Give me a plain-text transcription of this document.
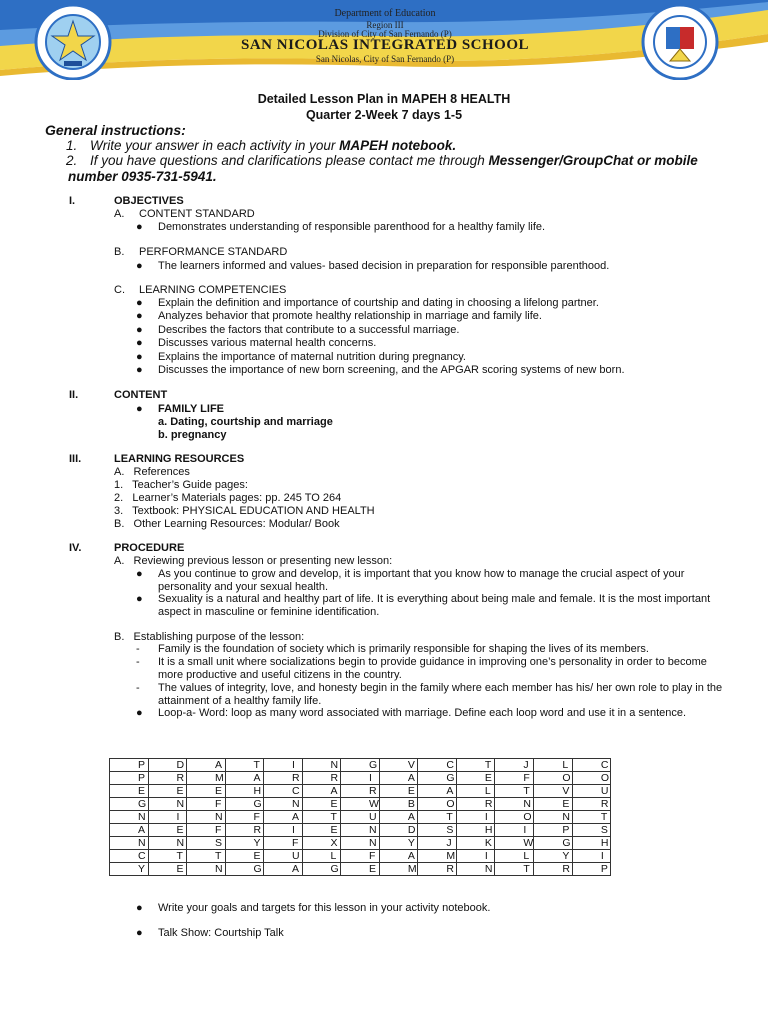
Department of Education
Region III
Division of City of San Fernando (P)
SAN NICOLAS INTEGRATED SCHOOL
San Nicolas, City of San Fernando (P)
Detailed Lesson Plan in MAPEH 8 HEALTH
Quarter 2-Week 7 days 1-5
General instructions:
1. Write your answer in each activity in your MAPEH notebook.
2. If you have questions and clarifications please contact me through Messenger/GroupChat or mobile number 0935-731-5941.
I.	OBJECTIVES
A. CONTENT STANDARD
● Demonstrates understanding of responsible parenthood for a healthy family life.
B. PERFORMANCE STANDARD
● The learners informed and values- based decision in preparation for responsible parenthood.
C. LEARNING COMPETENCIES
● Explain the definition and importance of courtship and dating in choosing a lifelong partner.
● Analyzes behavior that promote healthy relationship in marriage and family life.
● Describes the factors that contribute to a successful marriage.
● Discusses various maternal health concerns.
● Explains the importance of maternal nutrition during pregnancy.
● Discusses the importance of new born screening, and the APGAR scoring systems of new born.
II.	CONTENT
● FAMILY LIFE
a. Dating, courtship and marriage
b. pregnancy
III.	LEARNING RESOURCES
A.   References
1.   Teacher’s Guide pages:
2.   Learner’s Materials pages: pp. 245 TO 264
3.   Textbook: PHYSICAL EDUCATION AND HEALTH
B.   Other Learning Resources: Modular/ Book
IV.	PROCEDURE
A.   Reviewing previous lesson or presenting new lesson:
● As you continue to grow and develop, it is important that you know how to manage the crucial aspect of your personality and your sexual health.
● Sexuality is a natural and healthy part of life. It is everything about being male and female. It is the most important aspect in masculine or feminine identification.
B.   Establishing purpose of the lesson:
- Family is the foundation of society which is primarily responsible for shaping the lives of its members.
- It is a small unit where socializations begin to provide guidance in improving one’s personality in order to become more productive and useful citizens in the country.
- The values of integrity, love, and honesty begin in the family where each member has his/ her own role to play in the attainment of a healthy family life.
● Loop-a- Word: loop as many word associated with marriage. Define each loop word and use it in a sentence.
P	D	A	T	I	N	G	V	C	T	J	L	C
P	R	M	A	R	R	I	A	G	E	F	O	O
E	E	E	H	C	A	R	E	A	L	T	V	U
G	N	F	G	N	E	W	B	O	R	N	E	R
N	I	N	F	A	T	U	A	T	I	O	N	T
A	E	F	R	I	E	N	D	S	H	I	P	S
N	N	S	Y	F	X	N	Y	J	K	W	G	H
C	T	T	E	U	L	F	A	M	I	L	Y	I
Y	E	N	G	A	G	E	M	R	N	T	R	P
● Write your goals and targets for this lesson in your activity notebook.
● Talk Show: Courtship Talk
